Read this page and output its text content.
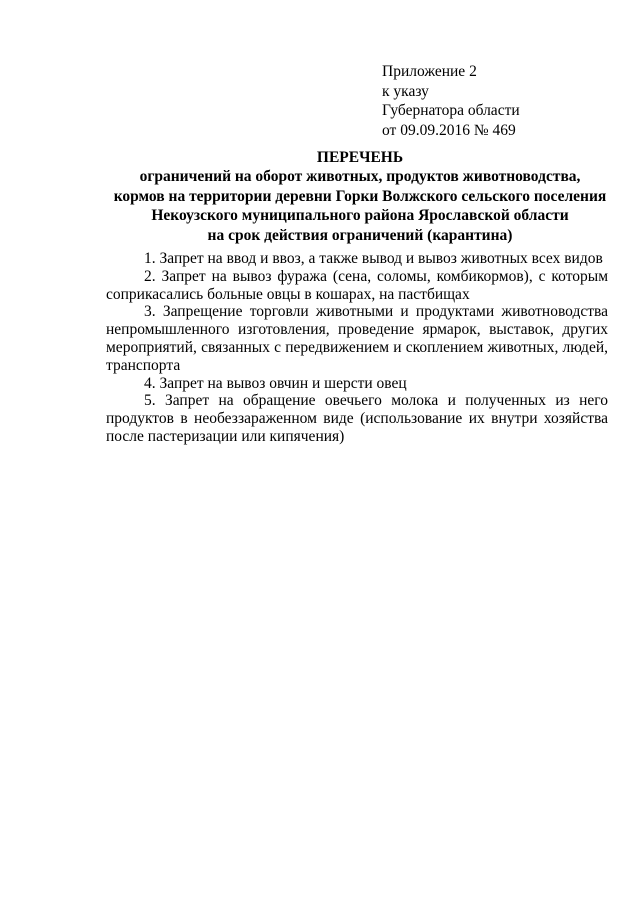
Приложение 2
к указу
Губернатора области
от 09.09.2016 № 469
ПЕРЕЧЕНЬ
ограничений на оборот животных, продуктов животноводства,
кормов на территории деревни Горки Волжского сельского поселения
Некоузского муниципального района Ярославской области
на срок действия ограничений (карантина)

1. Запрет на ввод и ввоз, а также вывод и вывоз животных всех видов

2. Запрет на вывоз фуража (сена, соломы, комбикормов), с которым соприкасались больные овцы в кошарах, на пастбищах

3. Запрещение торговли животными и продуктами животноводства непромышленного изготовления, проведение ярмарок, выставок, других мероприятий, связанных с передвижением и скоплением животных, людей, транспорта

4. Запрет на вывоз овчин и шерсти овец

5. Запрет на обращение овечьего молока и полученных из него продуктов в необеззараженном виде (использование их внутри хозяйства после пастеризации или кипячения)
